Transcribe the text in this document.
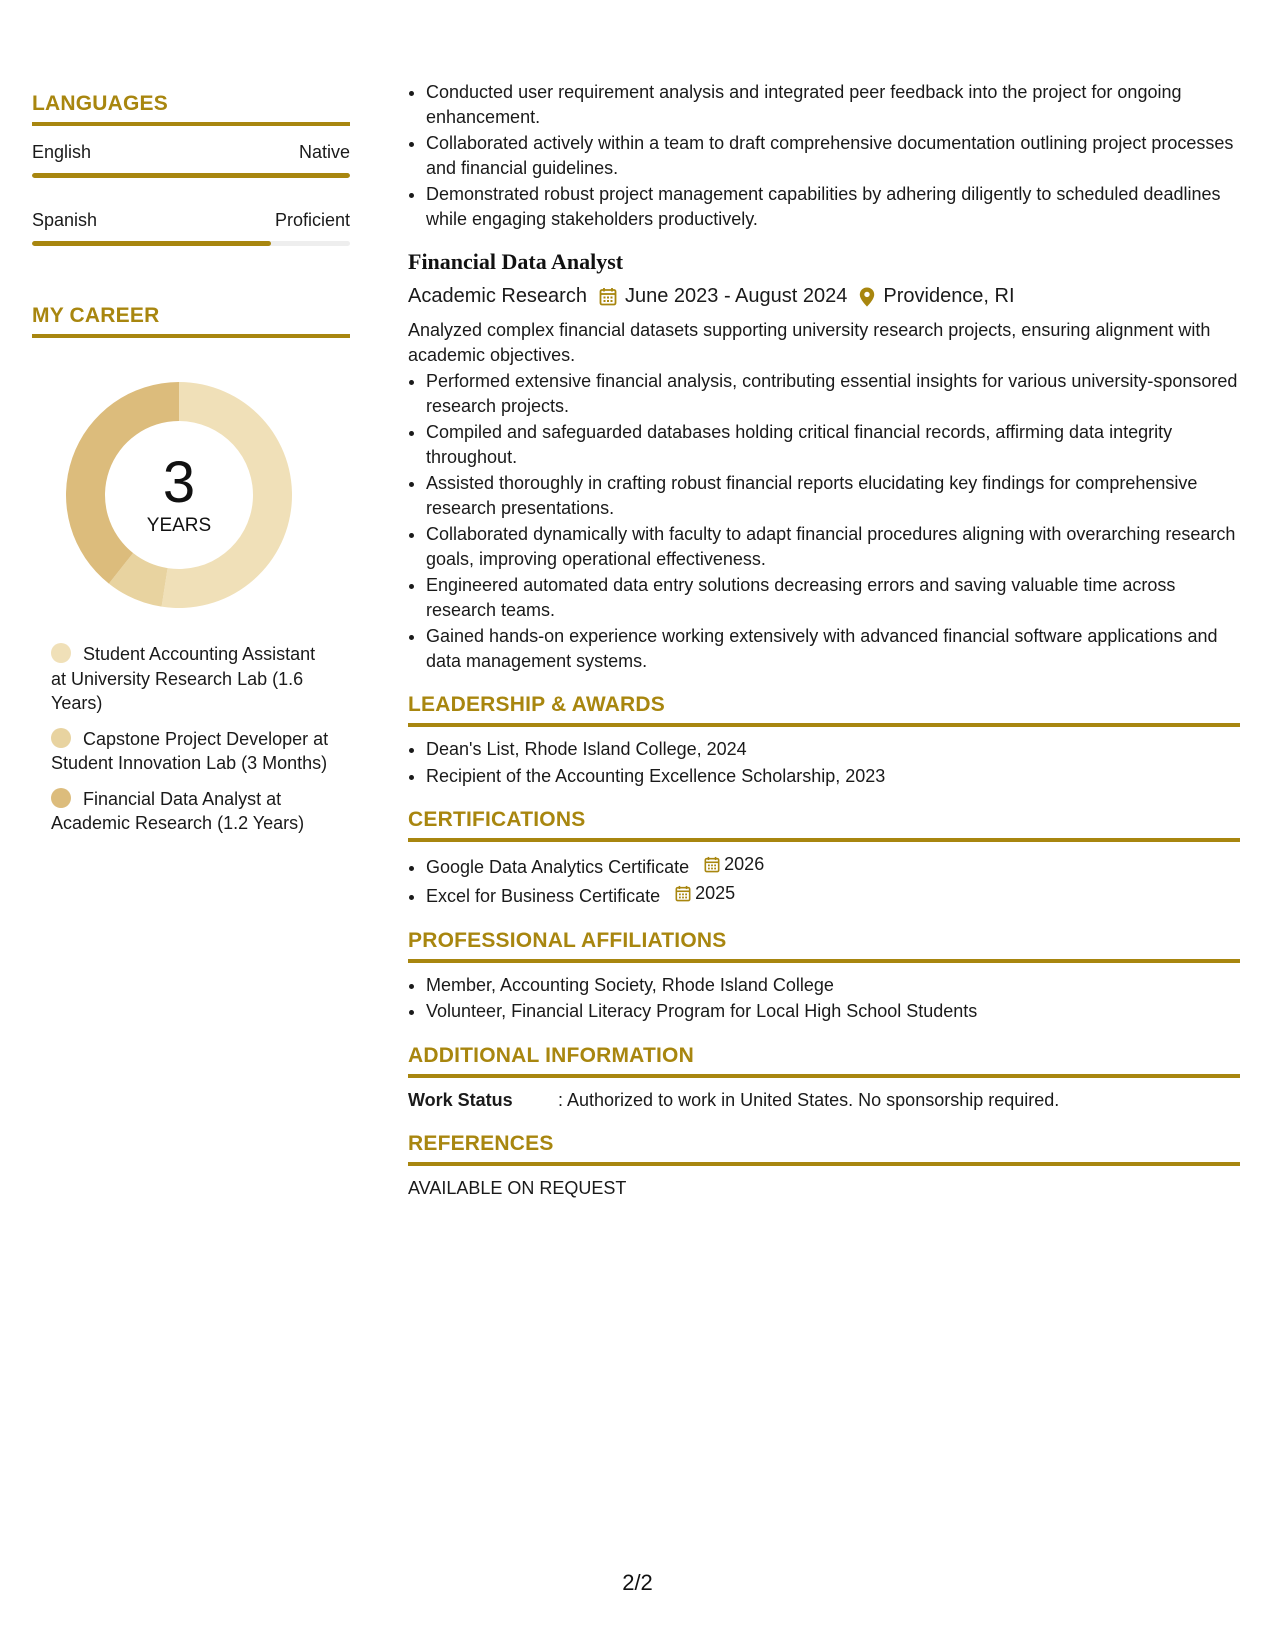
LANGUAGES
English	Native
Spanish	Proficient
MY CAREER
3
YEARS
Student Accounting Assistant at University Research Lab (1.6 Years)
Capstone Project Developer at Student Innovation Lab (3 Months)
Financial Data Analyst at Academic Research (1.2 Years)
• Conducted user requirement analysis and integrated peer feedback into the project for ongoing enhancement.
• Collaborated actively within a team to draft comprehensive documentation outlining project processes and financial guidelines.
• Demonstrated robust project management capabilities by adhering diligently to scheduled deadlines while engaging stakeholders productively.
Financial Data Analyst
Academic Research June 2023 - August 2024 Providence, RI
Analyzed complex financial datasets supporting university research projects, ensuring alignment with academic objectives.
• Performed extensive financial analysis, contributing essential insights for various university-sponsored research projects.
• Compiled and safeguarded databases holding critical financial records, affirming data integrity throughout.
• Assisted thoroughly in crafting robust financial reports elucidating key findings for comprehensive research presentations.
• Collaborated dynamically with faculty to adapt financial procedures aligning with overarching research goals, improving operational effectiveness.
• Engineered automated data entry solutions decreasing errors and saving valuable time across research teams.
• Gained hands-on experience working extensively with advanced financial software applications and data management systems.
LEADERSHIP & AWARDS
• Dean's List, Rhode Island College, 2024
• Recipient of the Accounting Excellence Scholarship, 2023
CERTIFICATIONS
• Google Data Analytics Certificate 2026
• Excel for Business Certificate 2025
PROFESSIONAL AFFILIATIONS
• Member, Accounting Society, Rhode Island College
• Volunteer, Financial Literacy Program for Local High School Students
ADDITIONAL INFORMATION
Work Status	: Authorized to work in United States. No sponsorship required.
REFERENCES
AVAILABLE ON REQUEST
2/2
